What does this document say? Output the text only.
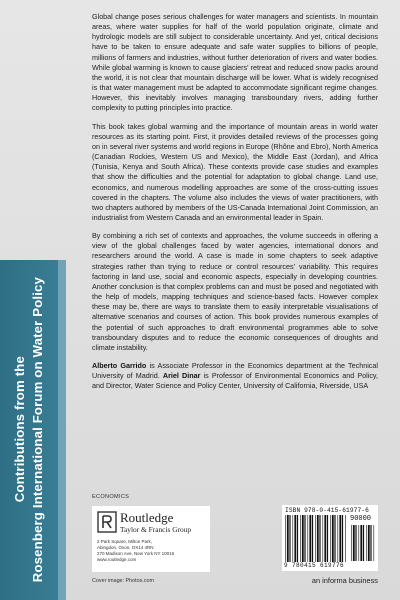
Contributions from the Rosenberg International Forum on Water Policy

Global change poses serious challenges for water managers and scientists. In mountain areas, where water supplies for half of the world population originate, climate and hydrologic models are still subject to considerable uncertainty. And yet, critical decisions have to be taken to ensure adequate and safe water supplies to billions of people, millions of farmers and industries, without further deterioration of rivers and water bodies. While global warming is known to cause glaciers' retreat and reduced snow packs around the world, it is not clear that mountain discharge will be lower. What is widely recognised is that water management must be adapted to accommodate significant regime changes. However, this inevitably involves managing transboundary rivers, adding further complexity to putting principles into practice.

This book takes global warming and the importance of mountain areas in world water resources as its starting point. First, it provides detailed reviews of the processes going on in several river systems and world regions in Europe (Rhône and Ebro), North America (Canadian Rockies, Western US and Mexico), the Middle East (Jordan), and Africa (Tunisia, Kenya and South Africa). These contexts provide case studies and examples that show the difficulties and the potential for adaptation to global change. Land use, economics, and numerous modelling approaches are some of the cross-cutting issues covered in the chapters. The volume also includes the views of water practitioners, with two chapters authored by members of the US-Canada International Joint Commission, an industrialist from Western Canada and an environmental leader in Spain.

By combining a rich set of contexts and approaches, the volume succeeds in offering a view of the global challenges faced by water agencies, international donors and researchers around the world. A case is made in some chapters to seek adaptive strategies rather than trying to reduce or control resources' variability. This requires factoring in land use, social and economic aspects, especially in developing countries. Another conclusion is that complex problems can and must be posed and negotiated with the help of models, mapping techniques and science-based facts. However complex these may be, there are ways to translate them to easily interpretable visualisations of alternative scenarios and courses of action. This book provides numerous examples of the potential of such approaches to draft environmental programmes able to solve transboundary disputes and to reduce the economic consequences of droughts and climate instability.

Alberto Garrido is Associate Professor in the Economics department at the Technical University of Madrid. Ariel Dinar is Professor of Environmental Economics and Policy, and Director, Water Science and Policy Center, University of California, Riverside, USA

ECONOMICS
Routledge
Taylor & Francis Group
2 Park Square, Milton Park,
Abingdon, Oxon, OX14 4RN
270 Madison Ave, New York NY 10016
www.routledge.com
ISBN 978-0-415-61977-6
90000
9 780415 619776
Cover image: Photos.com	an informa business
